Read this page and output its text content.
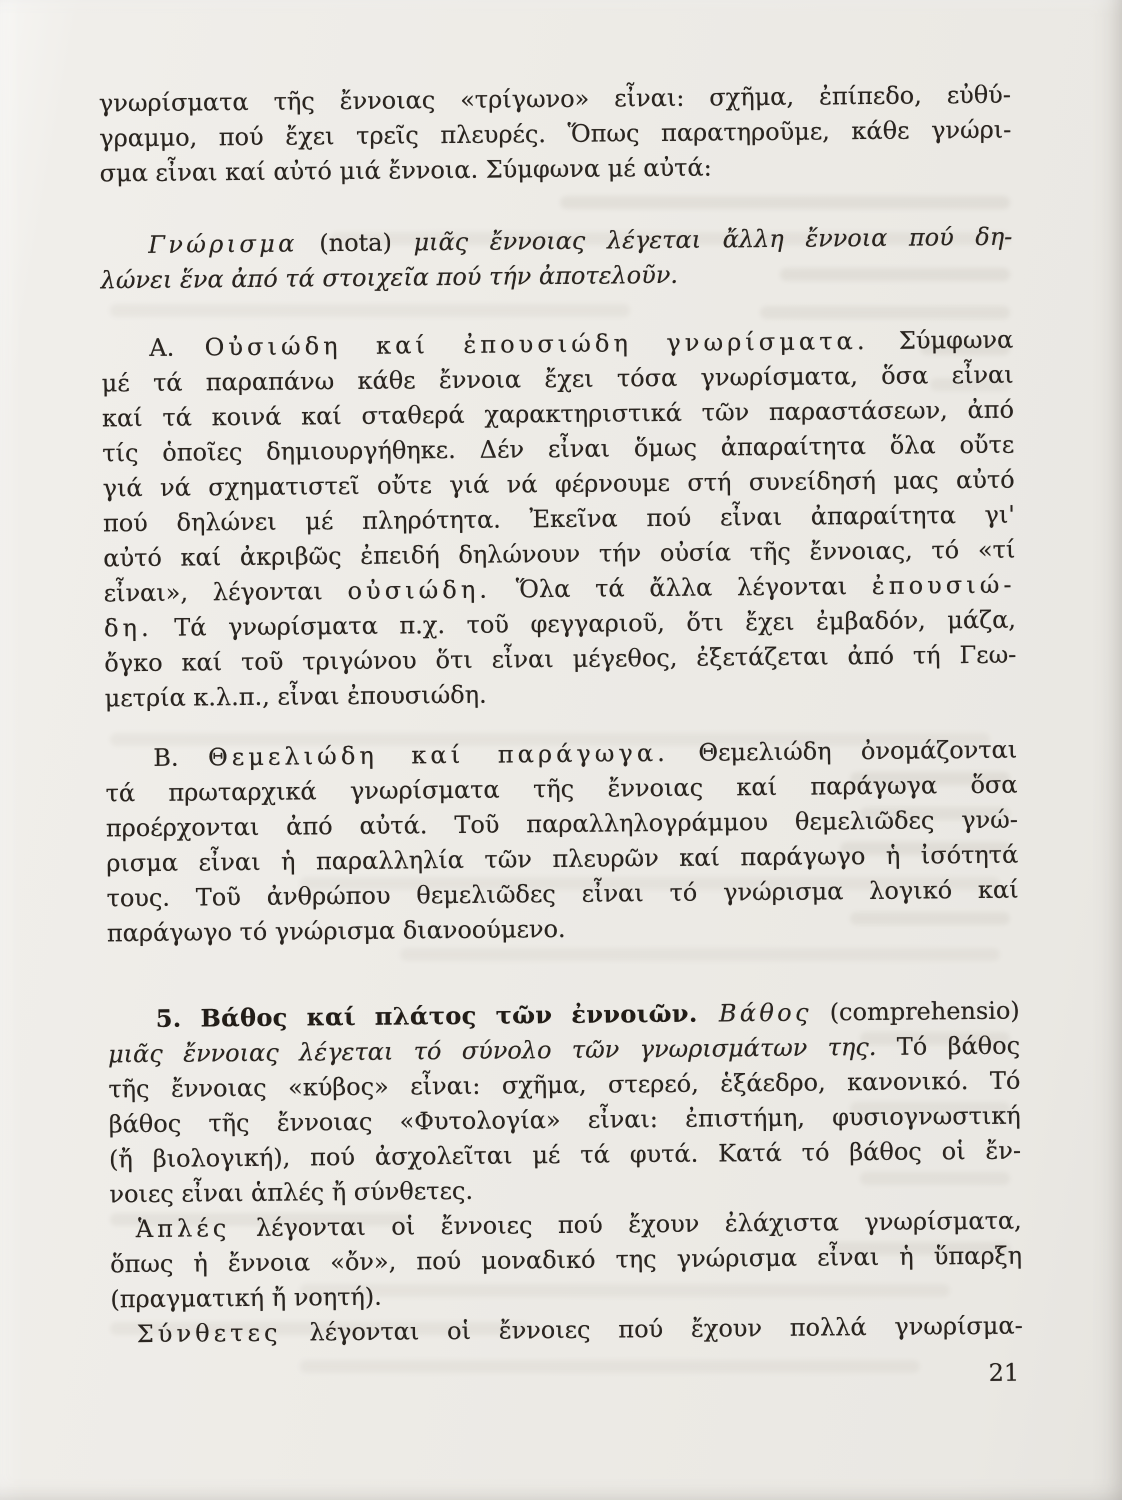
γνωρίσματα τῆς ἔννοιας «τρίγωνο» εἶναι: σχῆμα, ἐπίπεδο, εὐθύ-
γραμμο, πού ἔχει τρεῖς πλευρές. Ὅπως παρατηροῦμε, κάθε γνώρι-
σμα εἶναι καί αὐτό μιά ἔννοια. Σύμφωνα μέ αὐτά:
Γνώρισμα (nota) μιᾶς ἔννοιας λέγεται ἄλλη ἔννοια πού δη-
λώνει ἕνα ἀπό τά στοιχεῖα πού τήν ἀποτελοῦν.
Α. Οὐσιώδη καί ἐπουσιώδη γνωρίσματα. Σύμφωνα
μέ τά παραπάνω κάθε ἔννοια ἔχει τόσα γνωρίσματα, ὅσα εἶναι
καί τά κοινά καί σταθερά χαρακτηριστικά τῶν παραστάσεων, ἀπό
τίς ὁποῖες δημιουργήθηκε. Δέν εἶναι ὅμως ἀπαραίτητα ὅλα οὔτε
γιά νά σχηματιστεῖ οὔτε γιά νά φέρνουμε στή συνείδησή μας αὐτό
πού δηλώνει μέ πληρότητα. Ἐκεῖνα πού εἶναι ἀπαραίτητα γι'
αὐτό καί ἀκριβῶς ἐπειδή δηλώνουν τήν οὐσία τῆς ἔννοιας, τό «τί
εἶναι», λέγονται οὐσιώδη. Ὅλα τά ἄλλα λέγονται ἐπουσιώ-
δη. Τά γνωρίσματα π.χ. τοῦ φεγγαριοῦ, ὅτι ἔχει ἐμβαδόν, μάζα,
ὄγκο καί τοῦ τριγώνου ὅτι εἶναι μέγεθος, ἐξετάζεται ἀπό τή Γεω-
μετρία κ.λ.π., εἶναι ἐπουσιώδη.
Β. Θεμελιώδη καί παράγωγα. Θεμελιώδη ὀνομάζονται
τά πρωταρχικά γνωρίσματα τῆς ἔννοιας καί παράγωγα ὅσα
προέρχονται ἀπό αὐτά. Τοῦ παραλληλογράμμου θεμελιῶδες γνώ-
ρισμα εἶναι ἡ παραλληλία τῶν πλευρῶν καί παράγωγο ἡ ἰσότητά
τους. Τοῦ ἀνθρώπου θεμελιῶδες εἶναι τό γνώρισμα λογικό καί
παράγωγο τό γνώρισμα διανοούμενο.
5. Βάθος καί πλάτος τῶν ἐννοιῶν. Βάθος (comprehensio)
μιᾶς ἔννοιας λέγεται τό σύνολο τῶν γνωρισμάτων της. Τό βάθος
τῆς ἔννοιας «κύβος» εἶναι: σχῆμα, στερεό, ἑξάεδρο, κανονικό. Τό
βάθος τῆς ἔννοιας «Φυτολογία» εἶναι: ἐπιστήμη, φυσιογνωστική
(ἤ βιολογική), πού ἀσχολεῖται μέ τά φυτά. Κατά τό βάθος οἱ ἔν-
νοιες εἶναι ἁπλές ἤ σύνθετες.
Ἁπλές λέγονται οἱ ἔννοιες πού ἔχουν ἐλάχιστα γνωρίσματα,
ὅπως ἡ ἔννοια «ὄν», πού μοναδικό της γνώρισμα εἶναι ἡ ὕπαρξη
(πραγματική ἤ νοητή).
Σύνθετες λέγονται οἱ ἔννοιες πού ἔχουν πολλά γνωρίσμα-
21
